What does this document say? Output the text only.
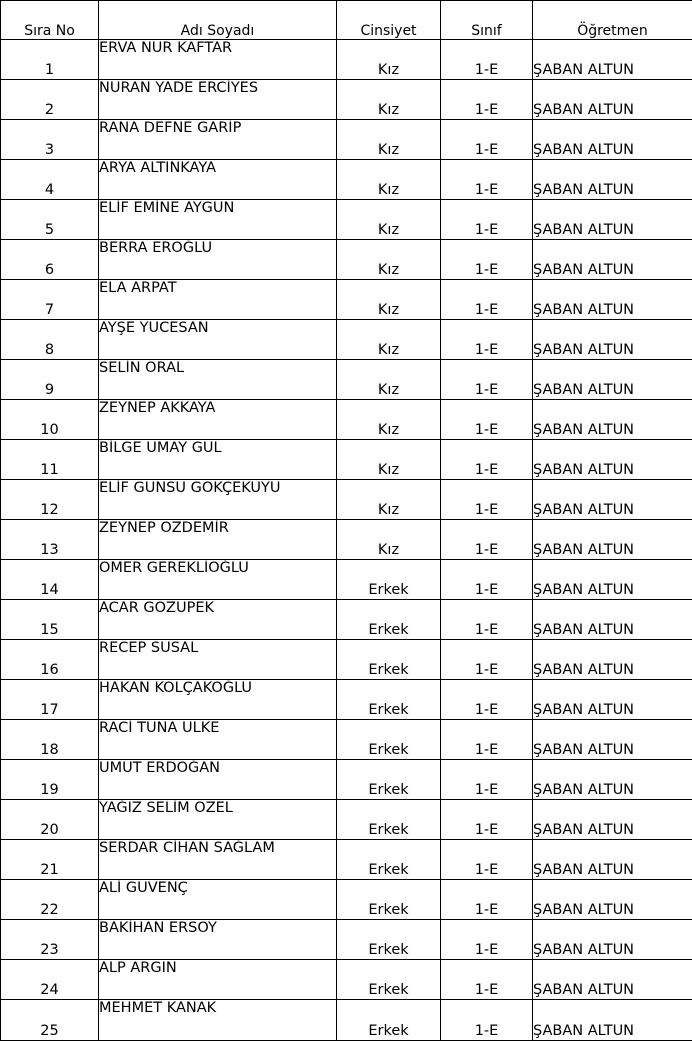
Sıra No	Adı Soyadı	Cinsiyet	Sınıf	Öğretmen
1	ERVA NUR KAFTAR	Kız	1-E	ŞABAN ALTUN
2	NURAN YADE ERCİYES	Kız	1-E	ŞABAN ALTUN
3	RANA DEFNE GARİP	Kız	1-E	ŞABAN ALTUN
4	ARYA ALTINKAYA	Kız	1-E	ŞABAN ALTUN
5	ELİF EMİNE AYGÜN	Kız	1-E	ŞABAN ALTUN
6	BERRA EROĞLU	Kız	1-E	ŞABAN ALTUN
7	ELA ARPAT	Kız	1-E	ŞABAN ALTUN
8	AYŞE YÜCESAN	Kız	1-E	ŞABAN ALTUN
9	SELİN ORAL	Kız	1-E	ŞABAN ALTUN
10	ZEYNEP AKKAYA	Kız	1-E	ŞABAN ALTUN
11	BİLGE UMAY GÜL	Kız	1-E	ŞABAN ALTUN
12	ELİF GÜNSU GÖKÇEKUYU	Kız	1-E	ŞABAN ALTUN
13	ZEYNEP ÖZDEMİR	Kız	1-E	ŞABAN ALTUN
14	ÖMER GEREKLİOĞLU	Erkek	1-E	ŞABAN ALTUN
15	ACAR GÖZÜPEK	Erkek	1-E	ŞABAN ALTUN
16	RECEP SUSAL	Erkek	1-E	ŞABAN ALTUN
17	HAKAN KOLÇAKOĞLU	Erkek	1-E	ŞABAN ALTUN
18	RACİ TUNA ÜLKE	Erkek	1-E	ŞABAN ALTUN
19	UMUT ERDOĞAN	Erkek	1-E	ŞABAN ALTUN
20	YAĞIZ SELİM ÖZEL	Erkek	1-E	ŞABAN ALTUN
21	SERDAR CİHAN SAĞLAM	Erkek	1-E	ŞABAN ALTUN
22	ALİ GÜVENÇ	Erkek	1-E	ŞABAN ALTUN
23	BAKİHAN ERSOY	Erkek	1-E	ŞABAN ALTUN
24	ALP ARGIN	Erkek	1-E	ŞABAN ALTUN
25	MEHMET KANAK	Erkek	1-E	ŞABAN ALTUN
